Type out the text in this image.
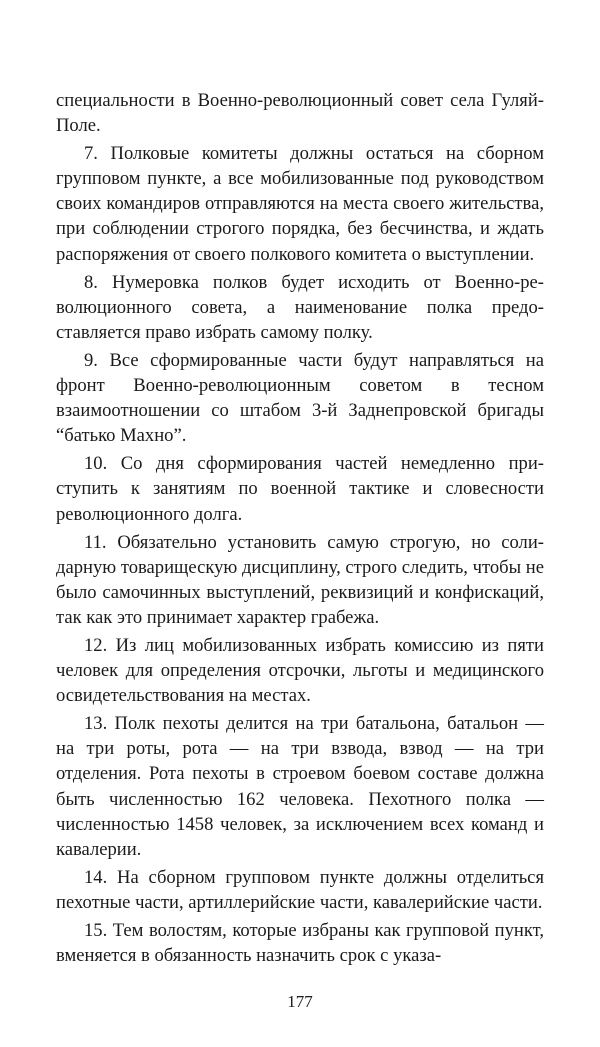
специальности в Военно-революционный совет села Гуляй-Поле.

7. Полковые комитеты должны остаться на сборном групповом пункте, а все мобилизованные под руководством своих командиров отправляются на места своего жительства, при соблюдении строгого порядка, без бесчинства, и ждать распоряжения от своего полкового комитета о выступлении.

8. Нумеровка полков будет исходить от Военно-революционного совета, а наименование полка предоставляется право избрать самому полку.

9. Все сформированные части будут направляться на фронт Военно-революционным советом в тесном взаимоотношении со штабом 3-й Заднепровской бригады “батько Махно”.

10. Со дня сформирования частей немедленно приступить к занятиям по военной тактике и словесности революционного долга.

11. Обязательно установить самую строгую, но солидарную товарищескую дисциплину, строго следить, чтобы не было самочинных выступлений, реквизиций и конфискаций, так как это принимает характер грабежа.

12. Из лиц мобилизованных избрать комиссию из пяти человек для определения отсрочки, льготы и медицинского освидетельствования на местах.

13. Полк пехоты делится на три батальона, батальон — на три роты, рота — на три взвода, взвод — на три отделения. Рота пехоты в строевом боевом составе должна быть численностью 162 человека. Пехотного полка — численностью 1458 человек, за исключением всех команд и кавалерии.

14. На сборном групповом пункте должны отделиться пехотные части, артиллерийские части, кавалерийские части.

15. Тем волостям, которые избраны как групповой пункт, вменяется в обязанность назначить срок с указа-

177
